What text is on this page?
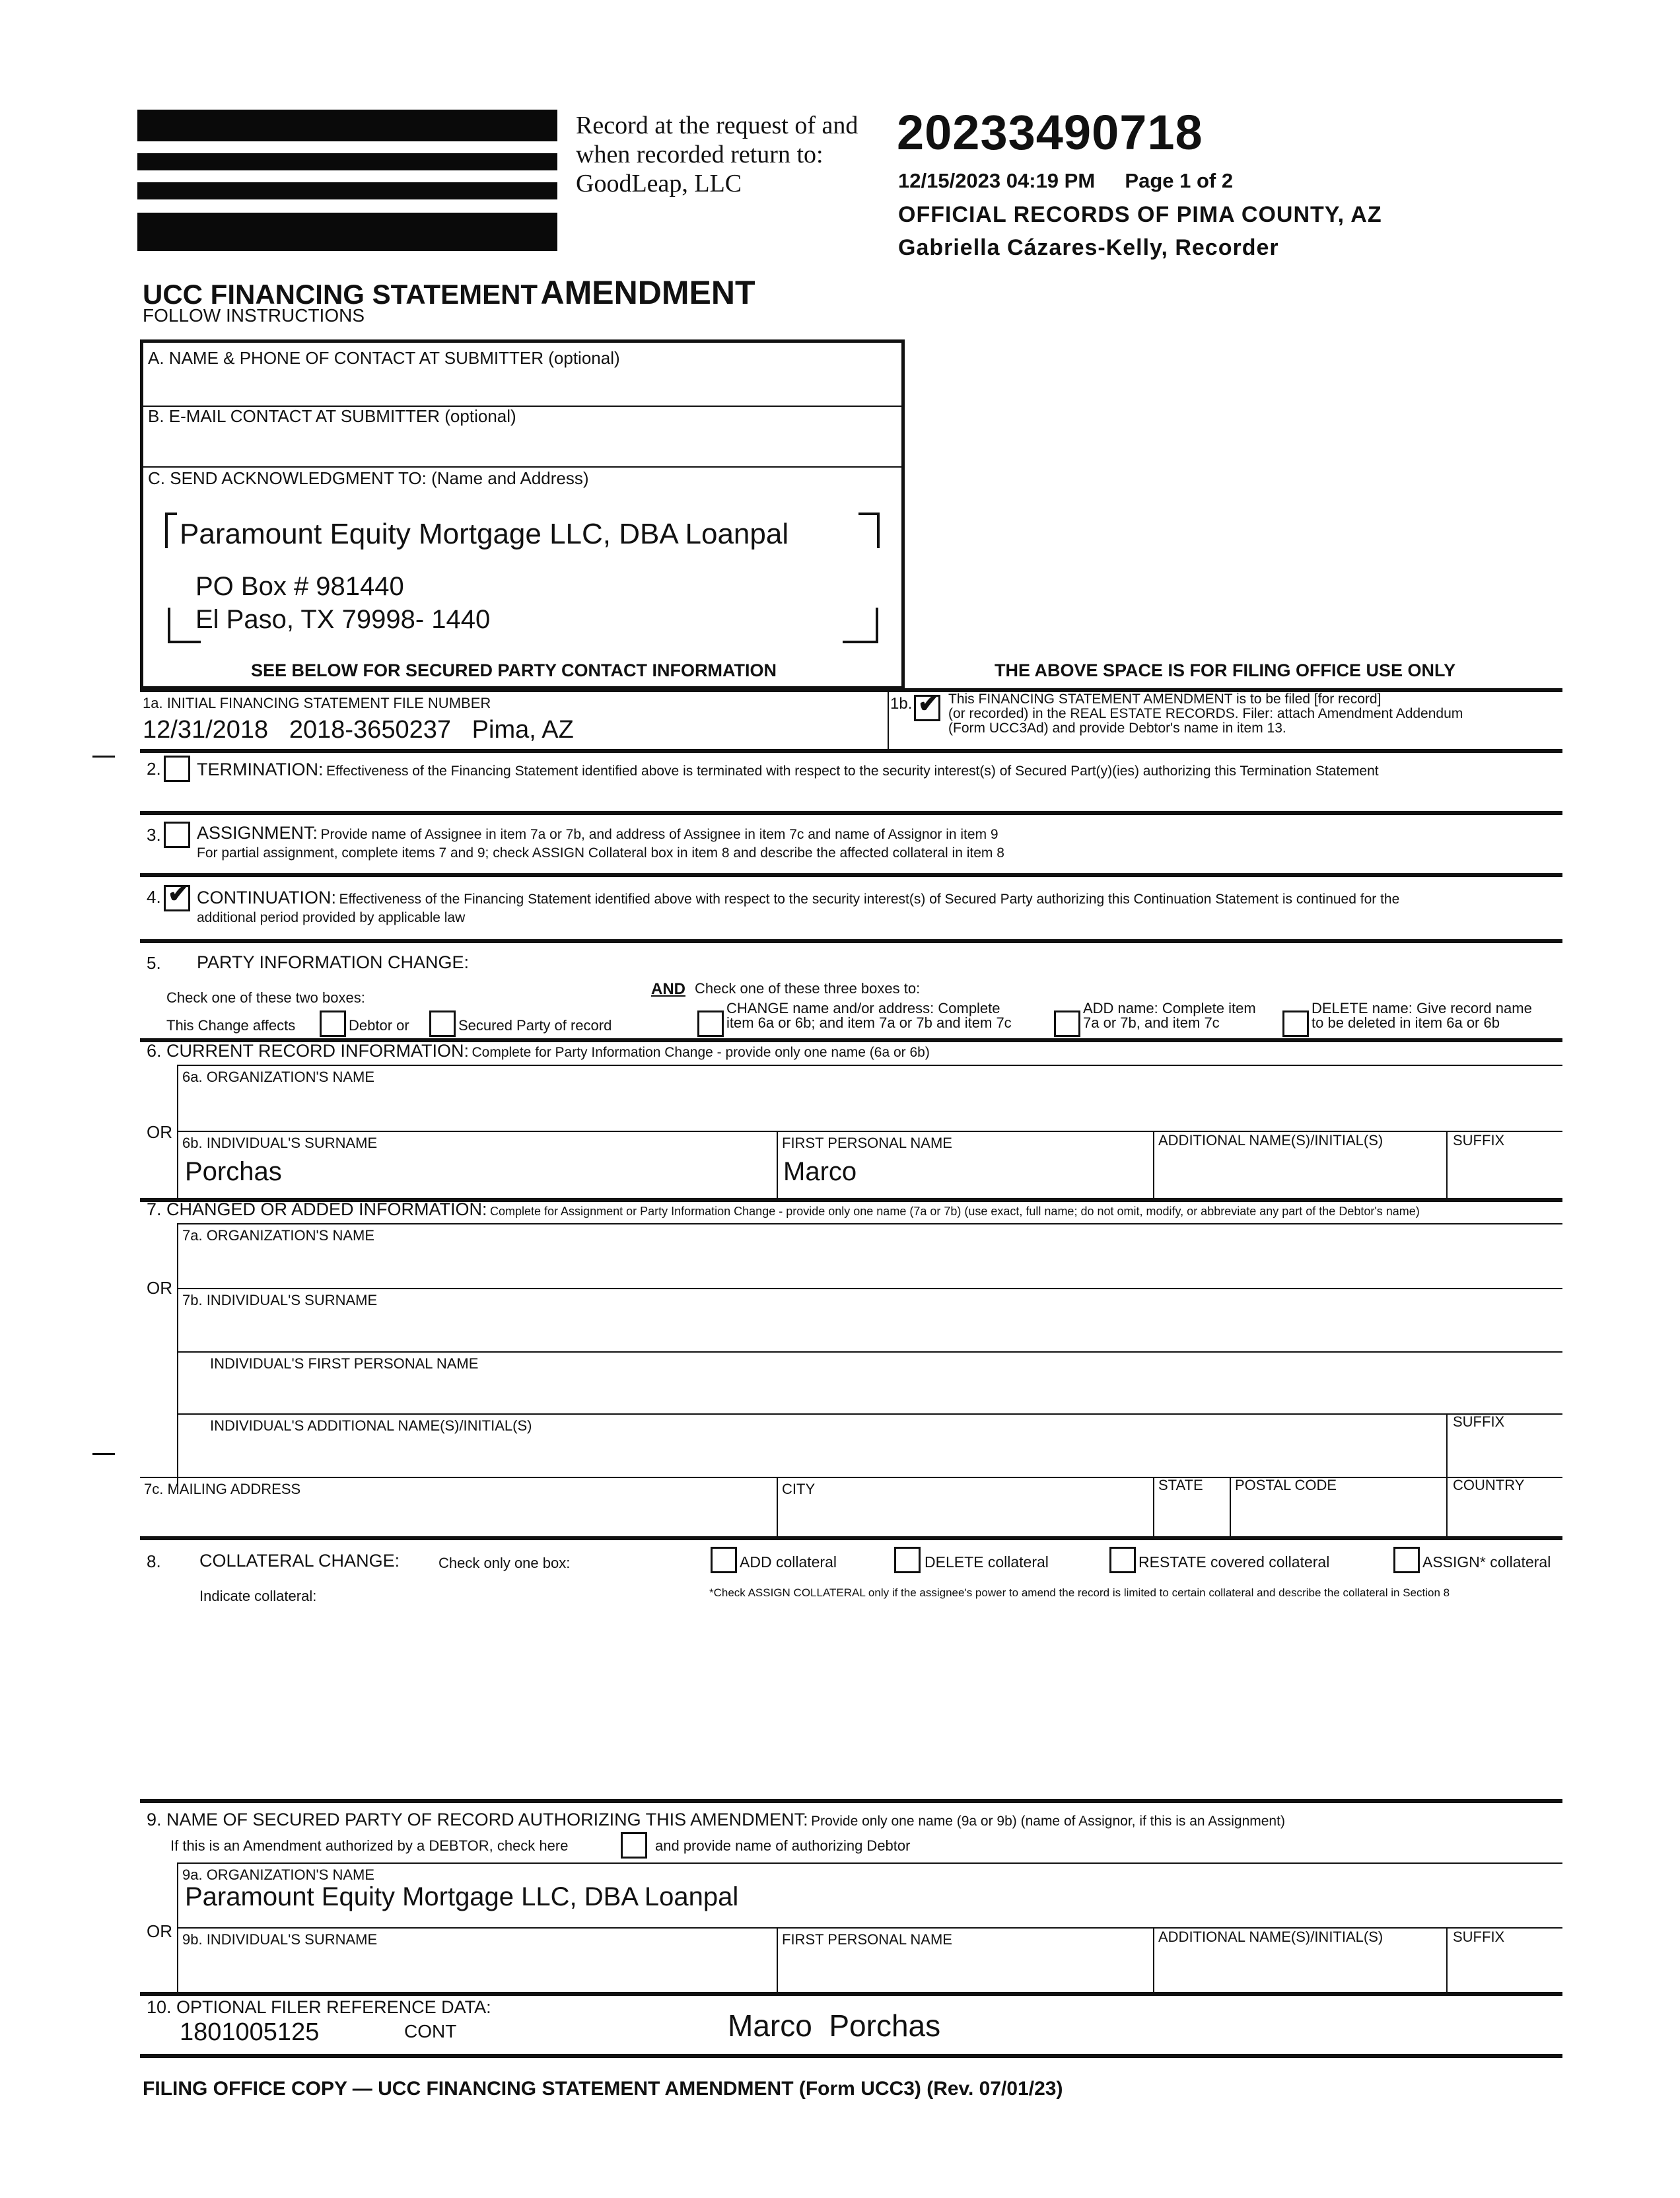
Record at the request of and
when recorded return to:
GoodLeap, LLC
20233490718
12/15/2023 04:19 PM Page 1 of 2
OFFICIAL RECORDS OF PIMA COUNTY, AZ
Gabriella Cázares-Kelly, Recorder
UCC FINANCING STATEMENT AMENDMENT
FOLLOW INSTRUCTIONS
A. NAME & PHONE OF CONTACT AT SUBMITTER (optional)
B. E-MAIL CONTACT AT SUBMITTER (optional)
C. SEND ACKNOWLEDGMENT TO: (Name and Address)
Paramount Equity Mortgage LLC, DBA Loanpal
PO Box # 981440
El Paso, TX 79998- 1440
SEE BELOW FOR SECURED PARTY CONTACT INFORMATION	THE ABOVE SPACE IS FOR FILING OFFICE USE ONLY
1a. INITIAL FINANCING STATEMENT FILE NUMBER
12/31/2018   2018-3650237   Pima, AZ
1b. ✔ This FINANCING STATEMENT AMENDMENT is to be filed [for record]
(or recorded) in the REAL ESTATE RECORDS. Filer: attach Amendment Addendum
(Form UCC3Ad) and provide Debtor's name in item 13.
2. TERMINATION: Effectiveness of the Financing Statement identified above is terminated with respect to the security interest(s) of Secured Part(y)(ies) authorizing this Termination Statement
3. ASSIGNMENT: Provide name of Assignee in item 7a or 7b, and address of Assignee in item 7c and name of Assignor in item 9
For partial assignment, complete items 7 and 9; check ASSIGN Collateral box in item 8 and describe the affected collateral in item 8
4. ✔ CONTINUATION: Effectiveness of the Financing Statement identified above with respect to the security interest(s) of Secured Party authorizing this Continuation Statement is continued for the
additional period provided by applicable law
5. PARTY INFORMATION CHANGE:
Check one of these two boxes:	AND Check one of these three boxes to:
This Change affects	Debtor or	Secured Party of record
CHANGE name and/or address: Complete
item 6a or 6b; and item 7a or 7b and item 7c
ADD name: Complete item
7a or 7b, and item 7c
DELETE name: Give record name
to be deleted in item 6a or 6b
6. CURRENT RECORD INFORMATION: Complete for Party Information Change - provide only one name (6a or 6b)
6a. ORGANIZATION'S NAME
OR
6b. INDIVIDUAL'S SURNAME	FIRST PERSONAL NAME	ADDITIONAL NAME(S)/INITIAL(S)	SUFFIX
Porchas	Marco
7. CHANGED OR ADDED INFORMATION: Complete for Assignment or Party Information Change - provide only one name (7a or 7b) (use exact, full name; do not omit, modify, or abbreviate any part of the Debtor's name)
7a. ORGANIZATION'S NAME
OR
7b. INDIVIDUAL'S SURNAME
INDIVIDUAL'S FIRST PERSONAL NAME
INDIVIDUAL'S ADDITIONAL NAME(S)/INITIAL(S)	SUFFIX
7c. MAILING ADDRESS	CITY	STATE POSTAL CODE	COUNTRY
8. COLLATERAL CHANGE:	Check only one box:	ADD collateral	DELETE collateral	RESTATE covered collateral	ASSIGN* collateral
Indicate collateral:	*Check ASSIGN COLLATERAL only if the assignee's power to amend the record is limited to certain collateral and describe the collateral in Section 8
9. NAME OF SECURED PARTY OF RECORD AUTHORIZING THIS AMENDMENT: Provide only one name (9a or 9b) (name of Assignor, if this is an Assignment)
If this is an Amendment authorized by a DEBTOR, check here	and provide name of authorizing Debtor
9a. ORGANIZATION'S NAME
Paramount Equity Mortgage LLC, DBA Loanpal
OR 9b. INDIVIDUAL'S SURNAME	FIRST PERSONAL NAME	ADDITIONAL NAME(S)/INITIAL(S)	SUFFIX
10. OPTIONAL FILER REFERENCE DATA:
1801005125	CONT	Marco  Porchas
FILING OFFICE COPY — UCC FINANCING STATEMENT AMENDMENT (Form UCC3) (Rev. 07/01/23)
